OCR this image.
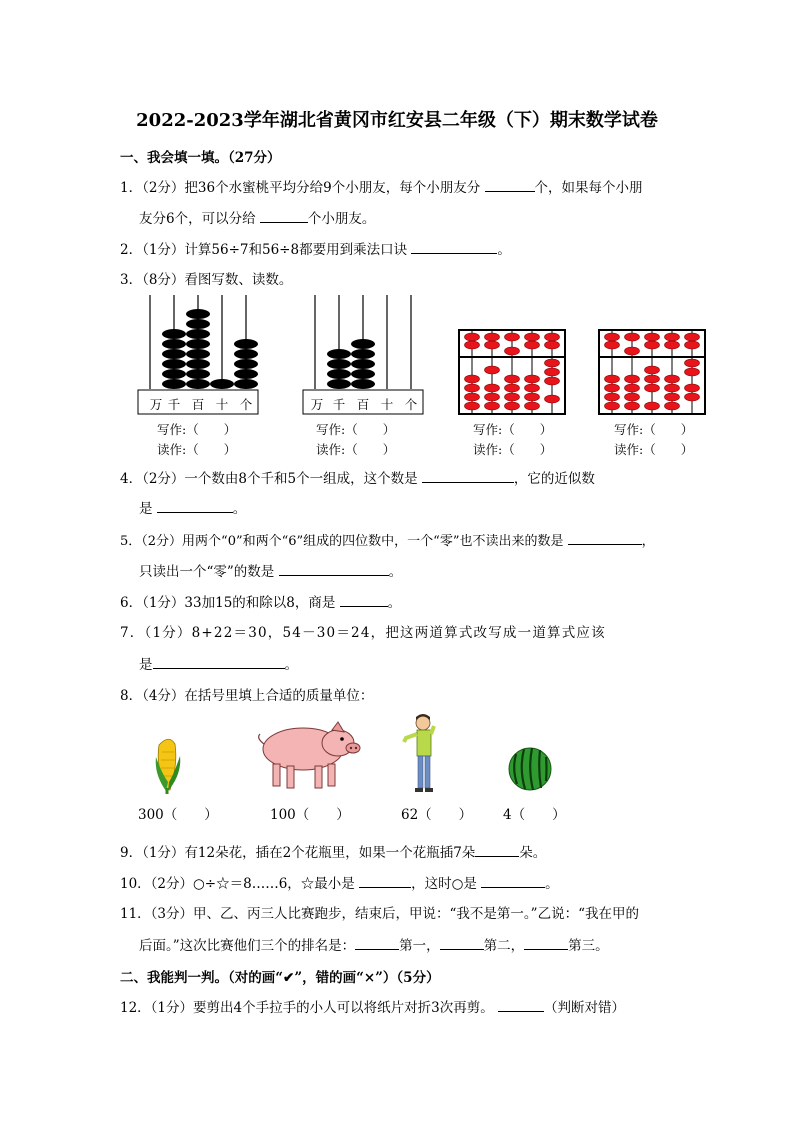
2022-2023学年湖北省黄冈市红安县二年级（下）期末数学试卷
一、我会填一填。（27分）
1．（2分）把36个水蜜桃平均分给9个小朋友，每个小朋友分	个，如果每个小朋
友分6个，可以分给	个小朋友。
2．（1分）计算56÷7和56÷8都要用到乘法口诀	。
3．（8分）看图写数、读数。
万 千 百 十 个	万 千 百 十 个
写作:（　　）
读作:（　　）
写作:（　　）
读作:（　　）
写作:（　　）
读作:（　　）
写作:（　　）
读作:（　　）
4．（2分）一个数由8个千和5个一组成，这个数是	，它的近似数
是	。
5．（2分）用两个“0”和两个“6”组成的四位数中，一个“零”也不读出来的数是	，
只读出一个“零”的数是	。
6．（1分）33加15的和除以8，商是	。
7．（1分）8+22＝30，54－30＝24，把这两道算式改写成一道算式应该
是	。
8．（4分）在括号里填上合适的质量单位：
300（　　）	100（　　）	62（　　） 4（　　）
9．（1分）有12朵花，插在2个花瓶里，如果一个花瓶插7朵	朵。
10．（2分）○÷☆＝8……6，☆最小是	，这时○是	。
11．（3分）甲、乙、丙三人比赛跑步，结束后，甲说：“我不是第一。”乙说：“我在甲的
后面。”这次比赛他们三个的排名是：	第一，	第二，	第三。
二、我能判一判。（对的画“✔”，错的画“×”）（5分）
12．（1分）要剪出4个手拉手的小人可以将纸片对折3次再剪。	（判断对错）
